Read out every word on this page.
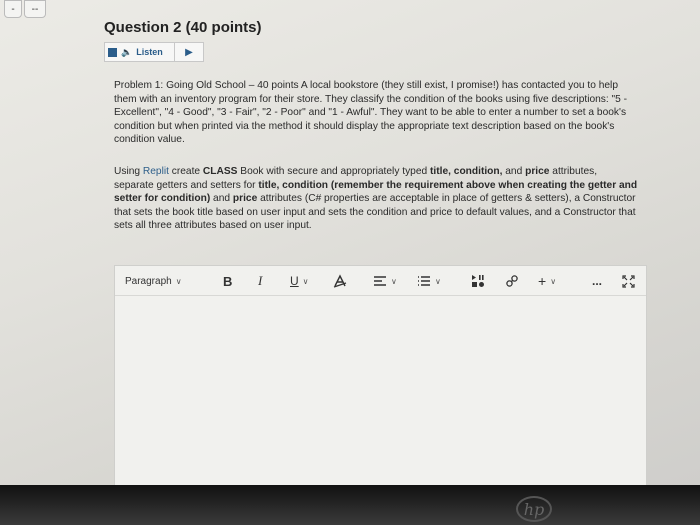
-	--
Question 2 (40 points)
🔈 Listen	▶

Problem 1: Going Old School – 40 points A local bookstore (they still exist, I promise!) has contacted you to help them with an inventory program for their store. They classify the condition of the books using five descriptions: "5 - Excellent", "4 - Good", "3 - Fair", "2 - Poor" and "1 - Awful". They want to be able to enter a number to set a book's condition but when printed via the method it should display the appropriate text description based on the book's condition value.

Using Replit create CLASS Book with secure and appropriately typed title, condition, and price attributes, separate getters and setters for title, condition (remember the requirement above when creating the getter and setter for condition) and price attributes (C# properties are acceptable in place of getters & setters), a Constructor that sets the book title based on user input and sets the condition and price to default values, and a Constructor that sets all three attributes based on user input.

Paragraph ∨	B I U ∨	∨	∨	+ ∨	...
hp
